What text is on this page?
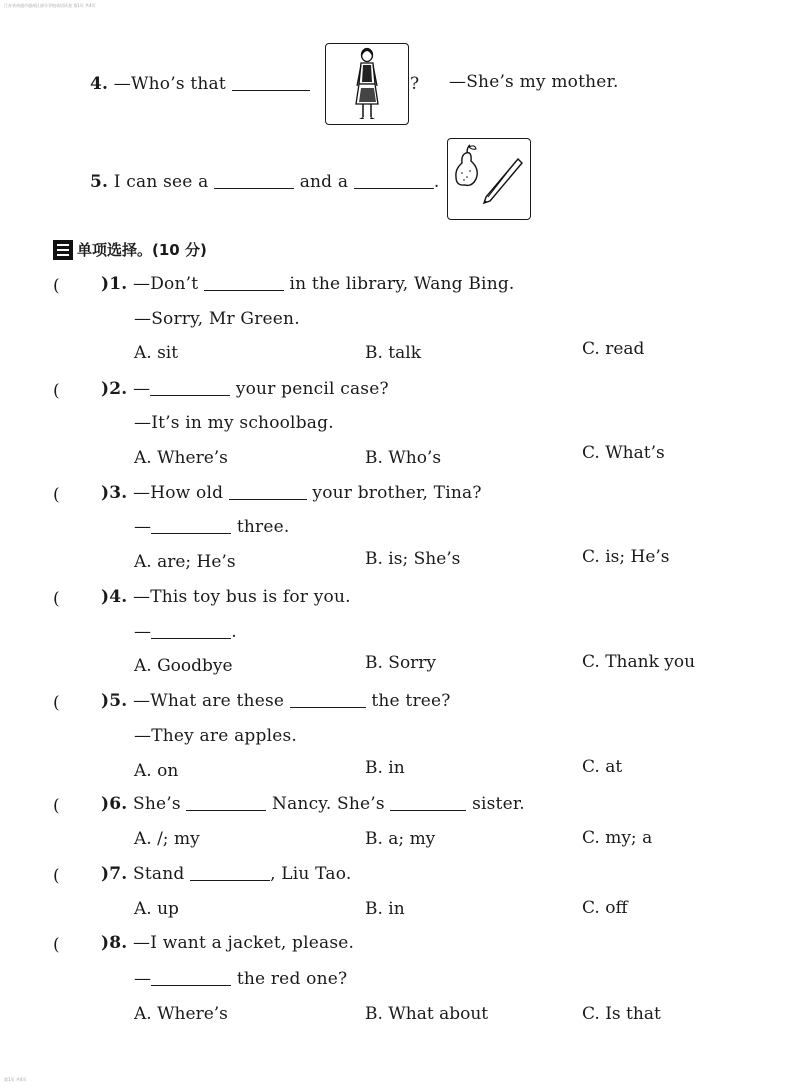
江苏省南通市通州区部分学校英语试卷 第1页 共4页
4. —Who’s that	? —She’s my mother.
5. I can see a	and a	.
单项选择。(10 分)
( )1. —Don’t	in the library, Wang Bing.
—Sorry, Mr Green.
A. sit	B. talk	C. read
( )2. —	your pencil case?
—It’s in my schoolbag.
A. Where’s	B. Who’s	C. What’s
( )3. —How old	your brother, Tina?
—	three.
A. are; He’s	B. is; She’s	C. is; He’s
( )4. —This toy bus is for you.
—	.
A. Goodbye	B. Sorry	C. Thank you
( )5. —What are these	the tree?
—They are apples.
A. on	B. in	C. at
( )6. She’s	Nancy. She’s	sister.
A. /; my	B. a; my	C. my; a
( )7. Stand	, Liu Tao.
A. up	B. in	C. off
( )8. —I want a jacket, please.
—	the red one?
A. Where’s	B. What about	C. Is that
第1页 共4页
